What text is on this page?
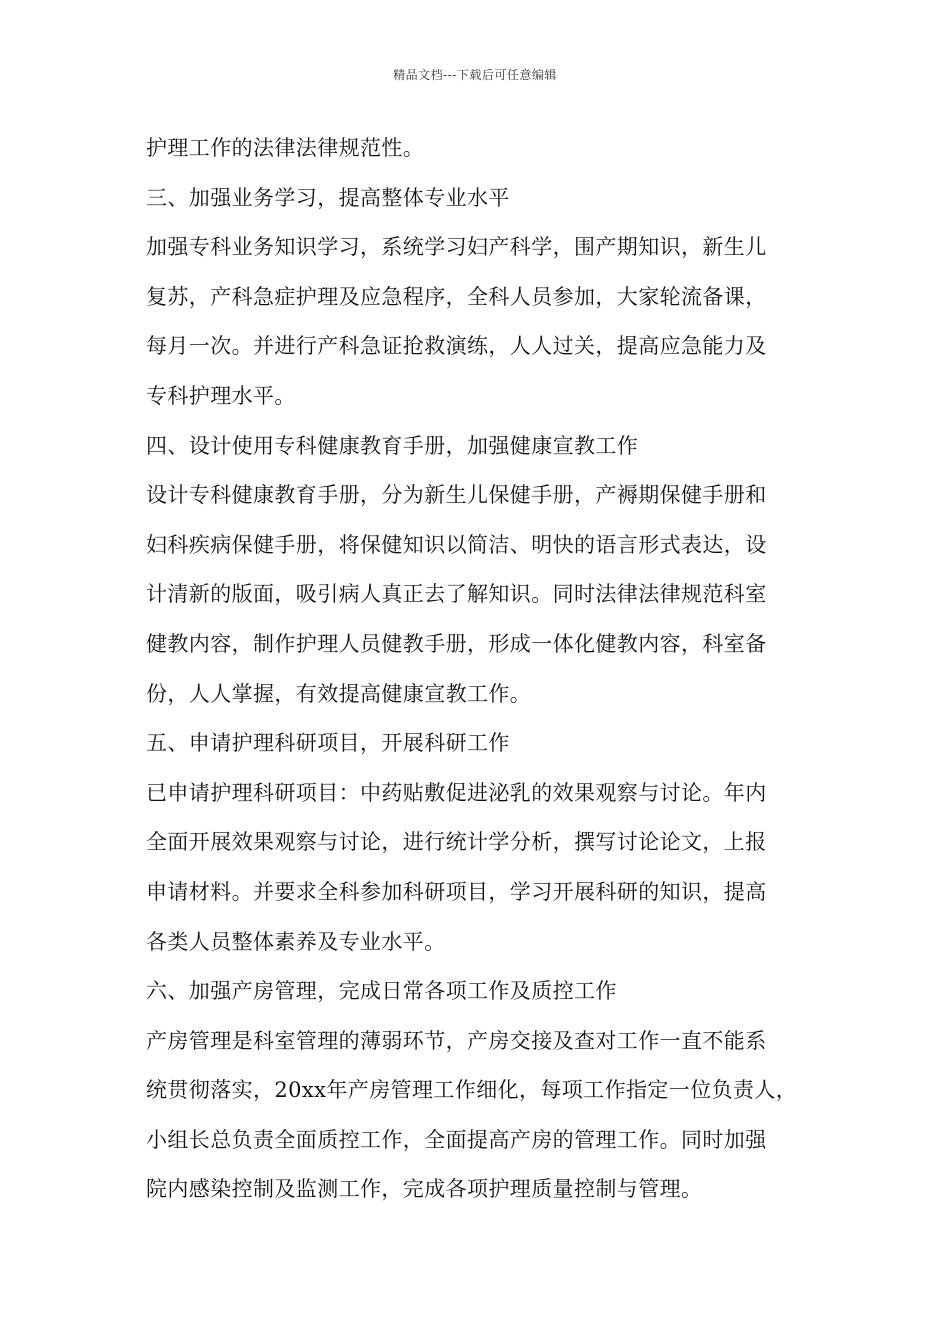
精品文档---下载后可任意编辑
护理工作的法律法律规范性。
三、加强业务学习，提高整体专业水平
加强专科业务知识学习，系统学习妇产科学，围产期知识，新生儿
复苏，产科急症护理及应急程序，全科人员参加，大家轮流备课，
每月一次。并进行产科急证抢救演练，人人过关，提高应急能力及
专科护理水平。
四、设计使用专科健康教育手册，加强健康宣教工作
设计专科健康教育手册，分为新生儿保健手册，产褥期保健手册和
妇科疾病保健手册，将保健知识以简洁、明快的语言形式表达，设
计清新的版面，吸引病人真正去了解知识。同时法律法律规范科室
健教内容，制作护理人员健教手册，形成一体化健教内容，科室备
份，人人掌握，有效提高健康宣教工作。
五、申请护理科研项目，开展科研工作
已申请护理科研项目：中药贴敷促进泌乳的效果观察与讨论。年内
全面开展效果观察与讨论，进行统计学分析，撰写讨论论文，上报
申请材料。并要求全科参加科研项目，学习开展科研的知识，提高
各类人员整体素养及专业水平。
六、加强产房管理，完成日常各项工作及质控工作
产房管理是科室管理的薄弱环节，产房交接及查对工作一直不能系
统贯彻落实，20xx年产房管理工作细化，每项工作指定一位负责人，
小组长总负责全面质控工作，全面提高产房的管理工作。同时加强
院内感染控制及监测工作，完成各项护理质量控制与管理。
